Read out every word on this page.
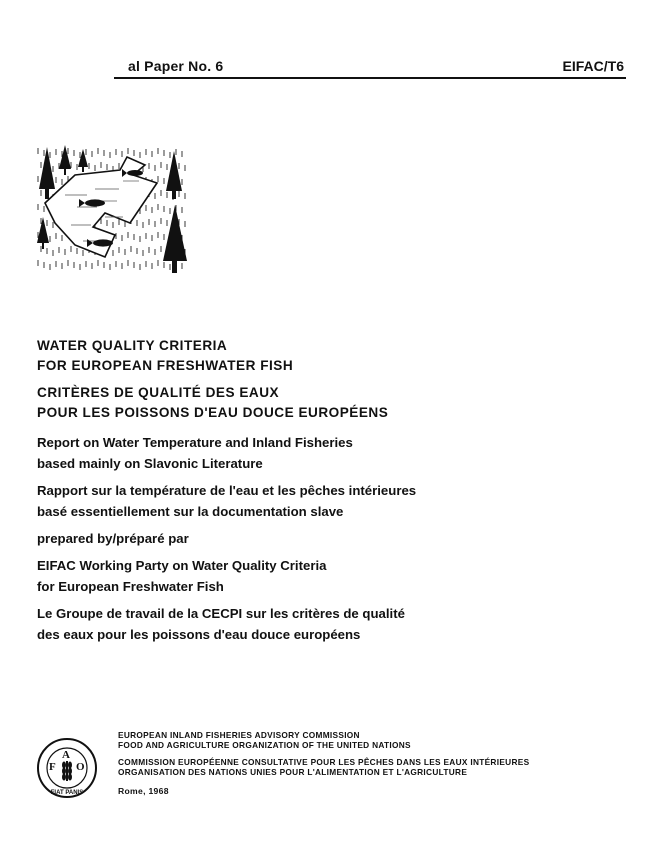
al Paper No. 6	EIFAC/T6

WATER QUALITY CRITERIA

FOR EUROPEAN FRESHWATER FISH

CRITÈRES DE QUALITÉ DES EAUX

POUR LES POISSONS D'EAU DOUCE EUROPÉENS

Report on Water Temperature and Inland Fisheries

based mainly on Slavonic Literature

Rapport sur la température de l'eau et les pêches intérieures

basé essentiellement sur la documentation slave

prepared by/préparé par

EIFAC Working Party on Water Quality Criteria

for European Freshwater Fish

Le Groupe de travail de la CECPI sur les critères de qualité

des eaux pour les poissons d'eau douce européens

F
A
O
FIAT PANIS

EUROPEAN INLAND FISHERIES ADVISORY COMMISSION

FOOD AND AGRICULTURE ORGANIZATION OF THE UNITED NATIONS

COMMISSION EUROPÉENNE CONSULTATIVE POUR LES PÊCHES DANS LES EAUX INTÉRIEURES

ORGANISATION DES NATIONS UNIES POUR L'ALIMENTATION ET L'AGRICULTURE

Rome, 1968
